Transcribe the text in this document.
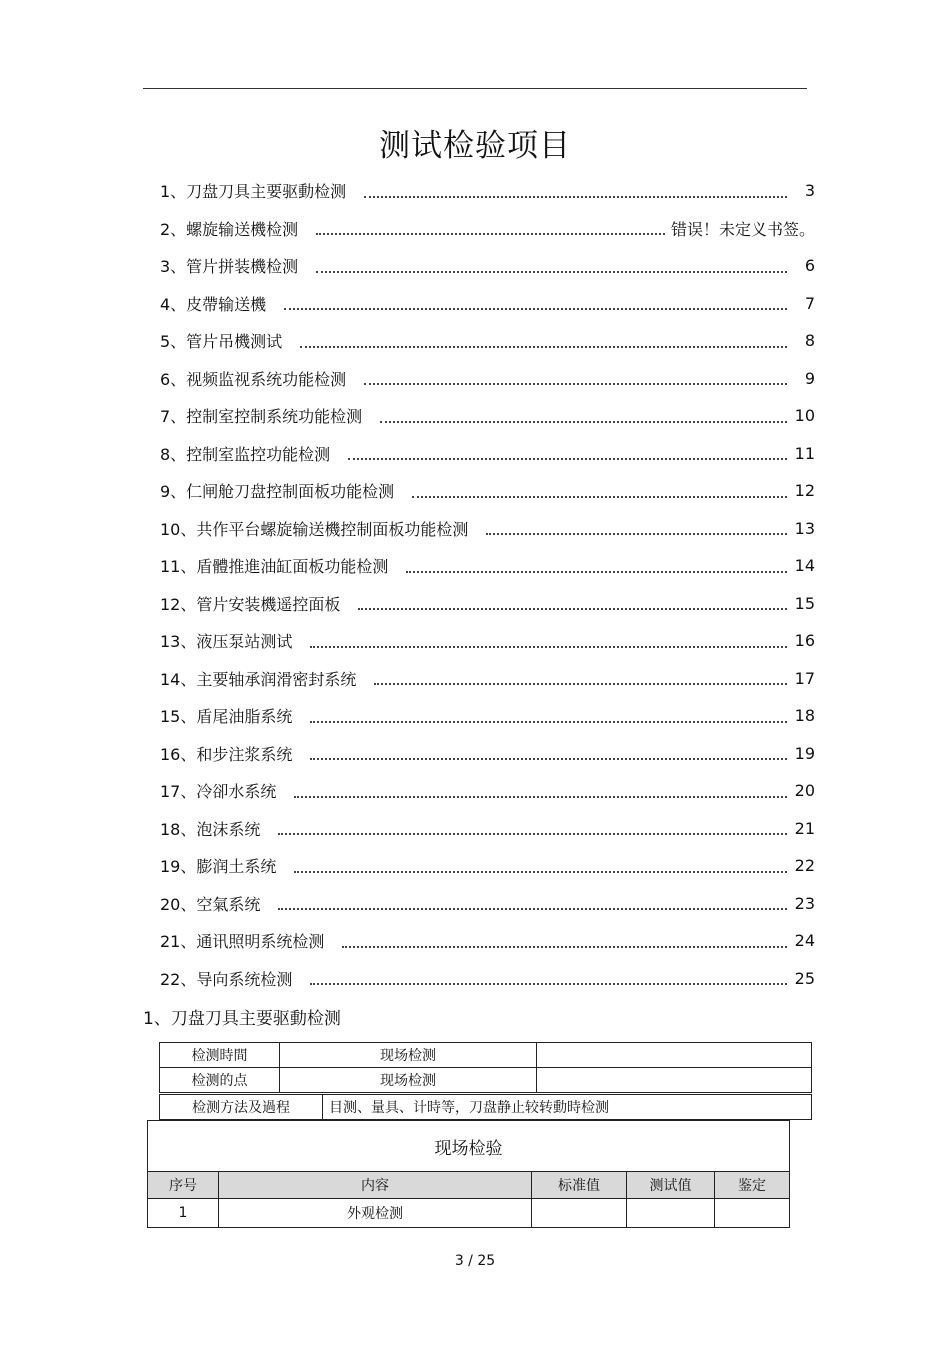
测试检验项目
1、刀盘刀具主要驱動检测	3
2、螺旋输送機检测	错误！未定义书签。
3、管片拼装機检测	6
4、皮帶输送機	7
5、管片吊機测试	8
6、视频监视系统功能检测	9
7、控制室控制系统功能检测	10
8、控制室监控功能检测	11
9、仁闸舱刀盘控制面板功能检测	12
10、共作平台螺旋输送機控制面板功能检测	13
11、盾體推進油缸面板功能检测	14
12、管片安装機遥控面板	15
13、液压泵站测试	16
14、主要轴承润滑密封系统	17
15、盾尾油脂系统	18
16、和步注浆系统	19
17、冷卻水系统	20
18、泡沫系统	21
19、膨润土系统	22
20、空氣系统	23
21、通讯照明系统检测	24
22、导向系统检测	25
1、刀盘刀具主要驱動检测
检测時間	现场检测	
检测的点	现场检测	
检测方法及過程	目测、量具、计時等，刀盘静止较转動時检测
现场检验				
序号	内容	标准值	测试值	鉴定
1	外观检测			
3 / 25
